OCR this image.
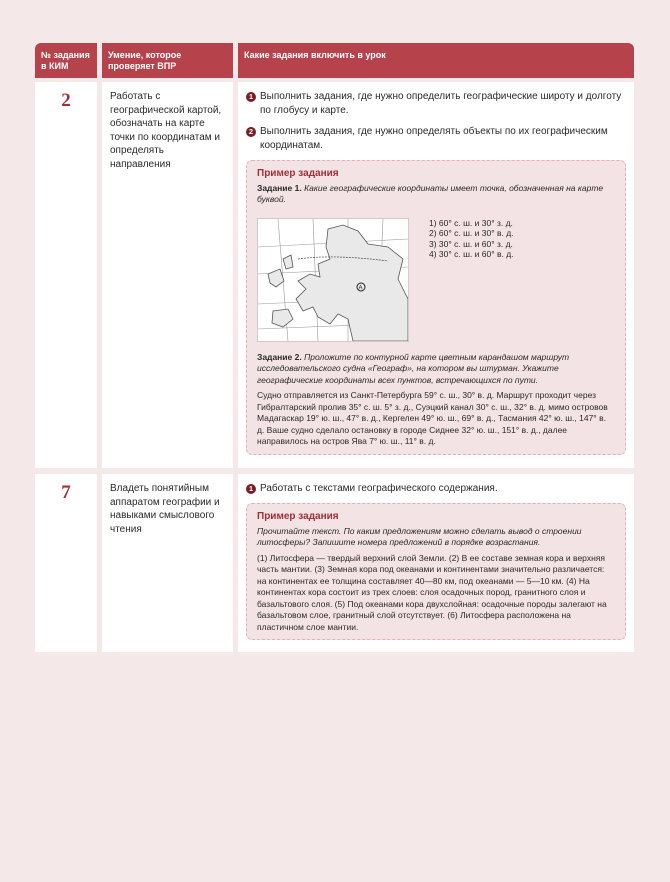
№ задания в КИМ
Умение, которое проверяет ВПР
Какие задания включить в урок
2	Работать с географической картой, обозначать на карте точки по координатам и определять направления
1 Выполнить задания, где нужно определить географические широту и долготу по глобусу и карте.
2 Выполнить задания, где нужно определять объекты по их географическим координатам.
Пример задания
Задание 1. Какие географические координаты имеет точка, обозначенная на карте буквой.
А
1) 60° с. ш. и 30° з. д.
2) 60° с. ш. и 30° в. д.
3) 30° с. ш. и 60° з. д.
4) 30° с. ш. и 60° в. д.
Задание 2. Проложите по контурной карте цветным карандашом маршрут исследовательского судна «Географ», на котором вы штурман. Укажите географические координаты всех пунктов, встречающихся по пути.
Судно отправляется из Санкт-Петербурга 59° с. ш., 30° в. д. Маршрут проходит через Гибралтарский пролив 35° с. ш. 5° з. д., Суэцкий канал 30° с. ш., 32° в. д. мимо островов Мадагаскар 19° ю. ш., 47° в. д., Кергелен 49° ю. ш., 69° в. д., Тасмания 42° ю. ш., 147° в. д. Ваше судно сделало остановку в городе Сиднее 32° ю. ш., 151° в. д., далее направилось на остров Ява 7° ю. ш., 11° в. д.
7	Владеть понятийным аппаратом географии и навыками смыслового чтения
1 Работать с текстами географического содержания.
Пример задания
Прочитайте текст. По каким предложениям можно сделать вывод о строении литосферы? Запишите номера предложений в порядке возрастания.
(1) Литосфера — твердый верхний слой Земли. (2) В ее составе земная кора и верхняя часть мантии. (3) Земная кора под океанами и континентами значительно различается: на континентах ее толщина составляет 40—80 км, под океанами — 5—10 км. (4) На континентах кора состоит из трех слоев: слоя осадочных пород, гранитного слоя и базальтового слоя. (5) Под океанами кора двухслойная: осадочные породы залегают на базальтовом слое, гранитный слой отсутствует. (6) Литосфера расположена на пластичном слое мантии.
